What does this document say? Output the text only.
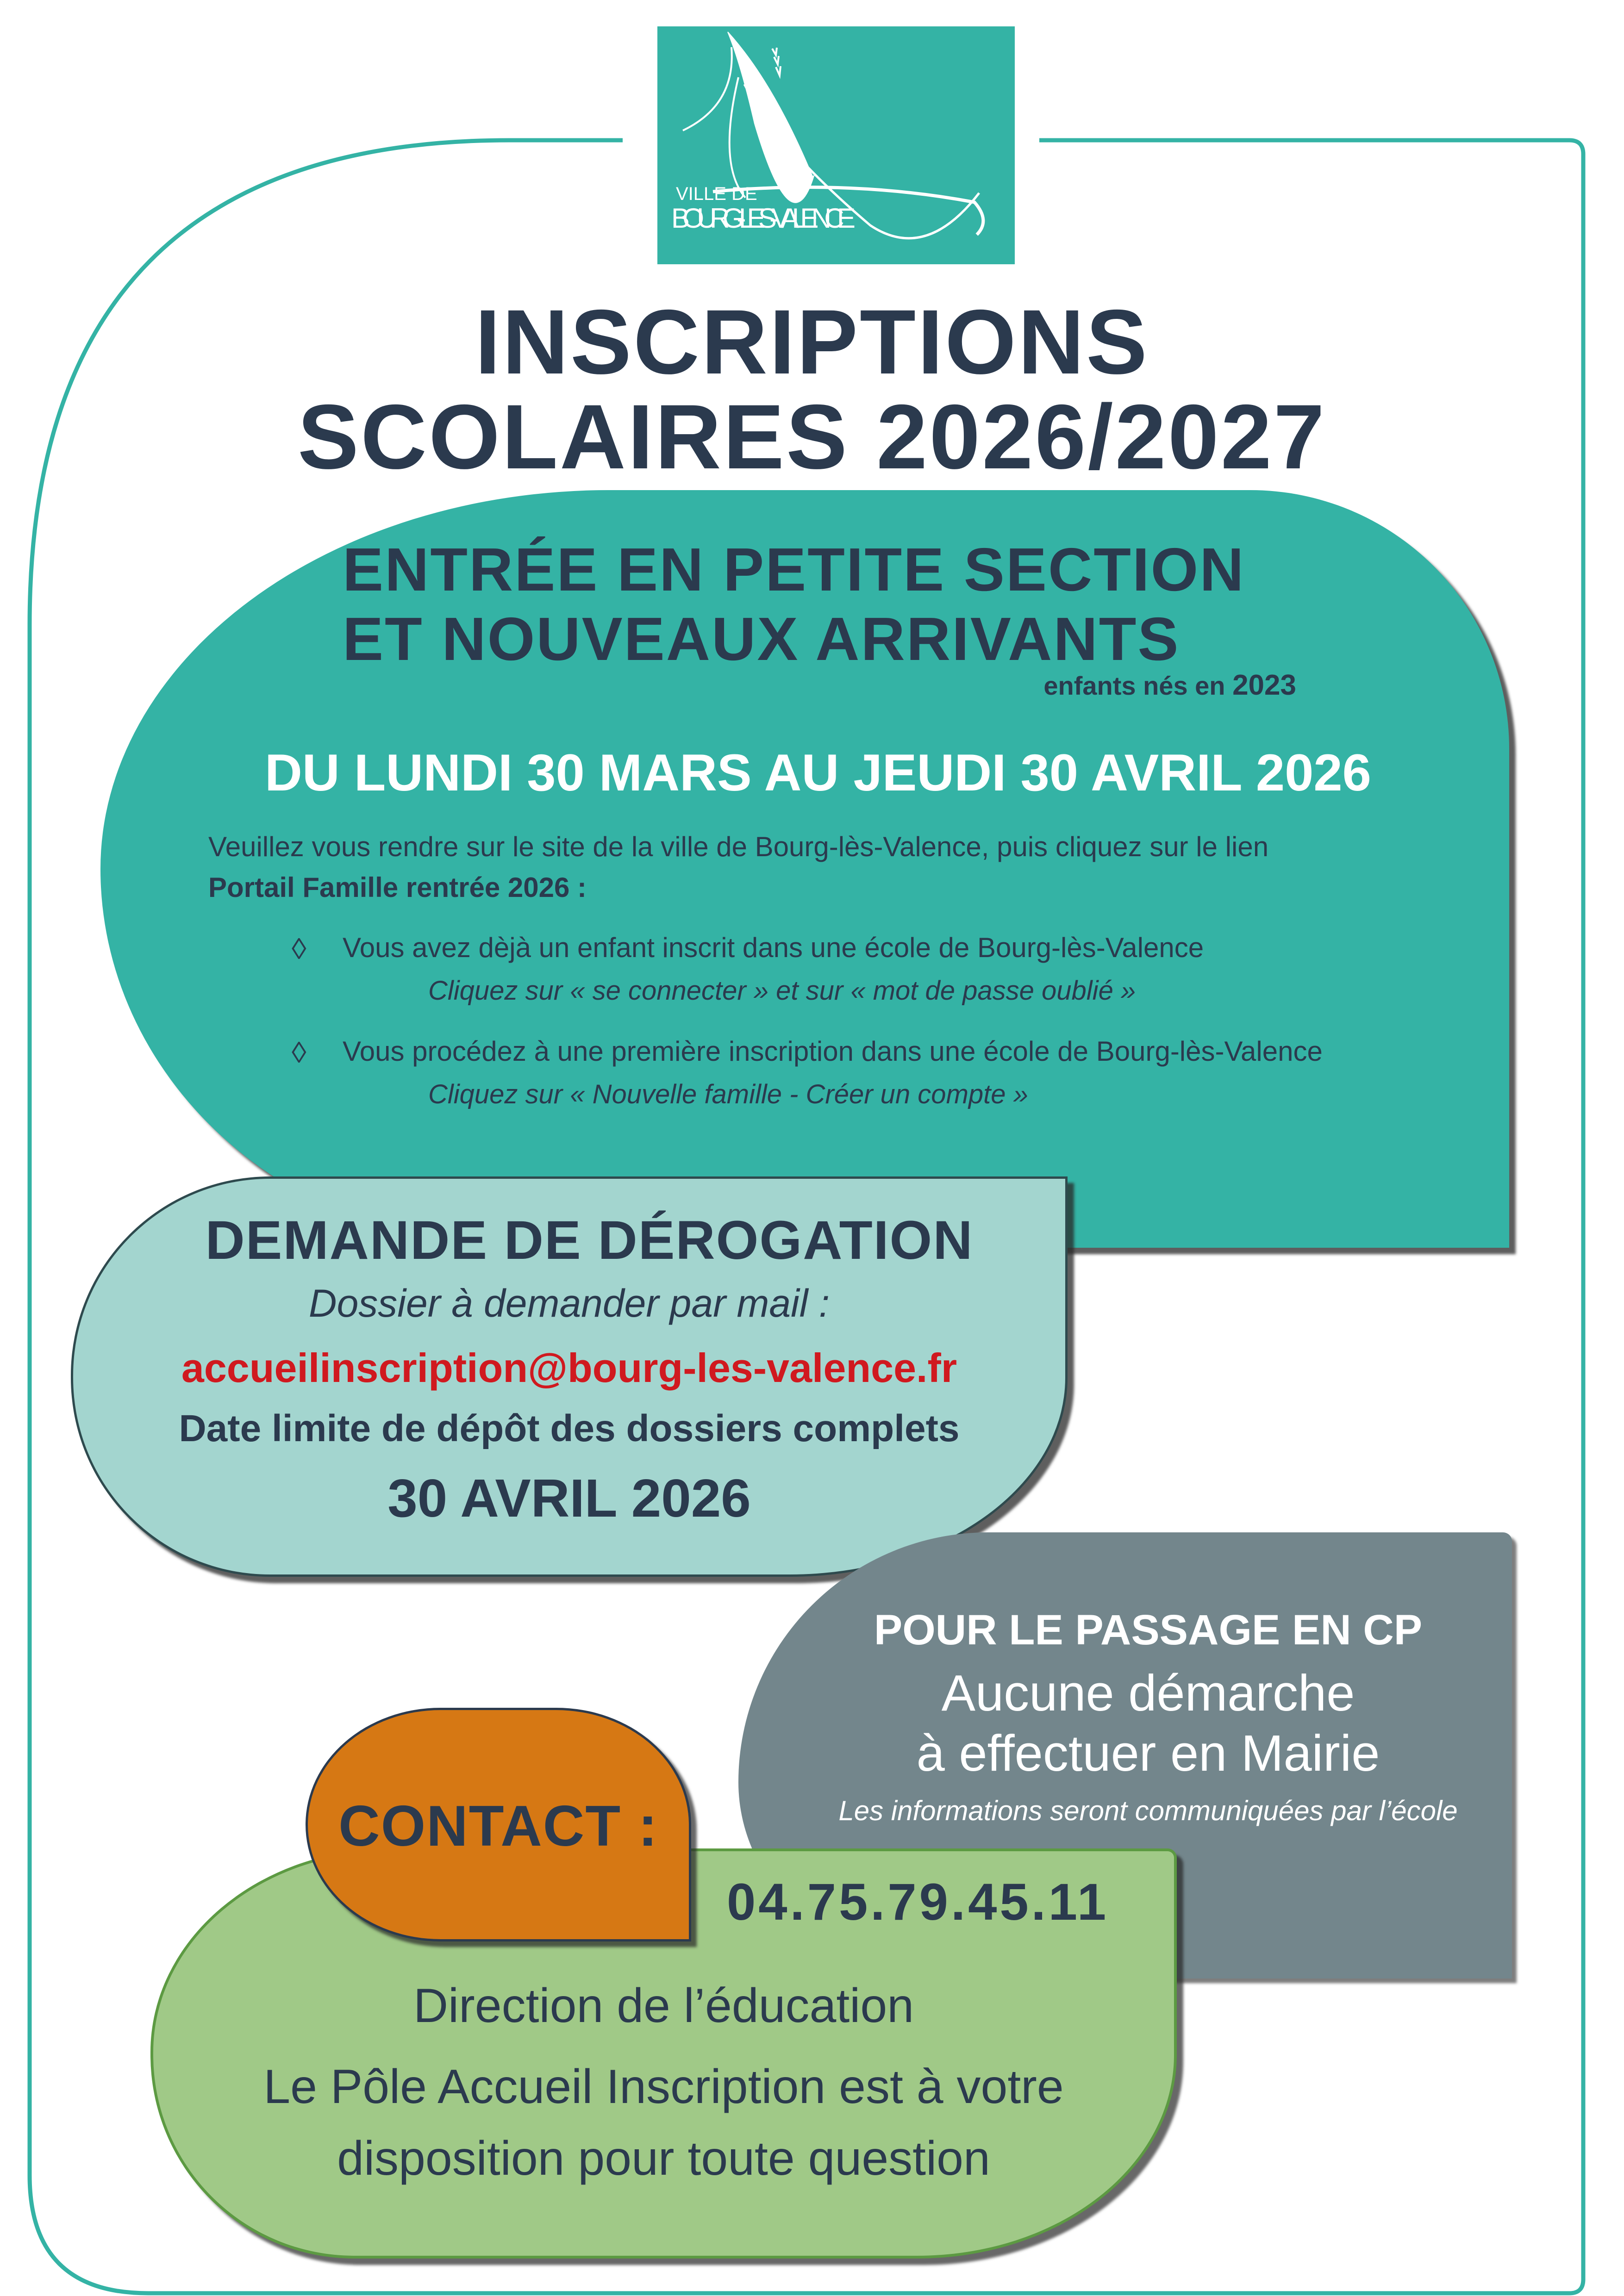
VILLE DE
BOURG-LES-VALENCE
INSCRIPTIONS
SCOLAIRES 2026/2027
ENTRÉE EN PETITE SECTION
ET NOUVEAUX ARRIVANTS
enfants nés en 2023
DU LUNDI 30 MARS AU JEUDI 30 AVRIL 2026
Veuillez vous rendre sur le site de la ville de Bourg-lès-Valence, puis cliquez sur le lien
Portail Famille rentrée 2026 :
◊ Vous avez dèjà un enfant inscrit dans une école de Bourg-lès-Valence
Cliquez sur « se connecter » et sur « mot de passe oublié »
◊ Vous procédez à une première inscription dans une école de Bourg-lès-Valence
Cliquez sur « Nouvelle famille - Créer un compte »
DEMANDE DE DÉROGATION
Dossier à demander par mail :
accueilinscription@bourg-les-valence.fr
Date limite de dépôt des dossiers complets
30 AVRIL 2026
POUR LE PASSAGE EN CP
Aucune démarche
à effectuer en Mairie
Les informations seront communiquées par l’école
CONTACT :
04.75.79.45.11
Direction de l’éducation
Le Pôle Accueil Inscription est à votre
disposition pour toute question
